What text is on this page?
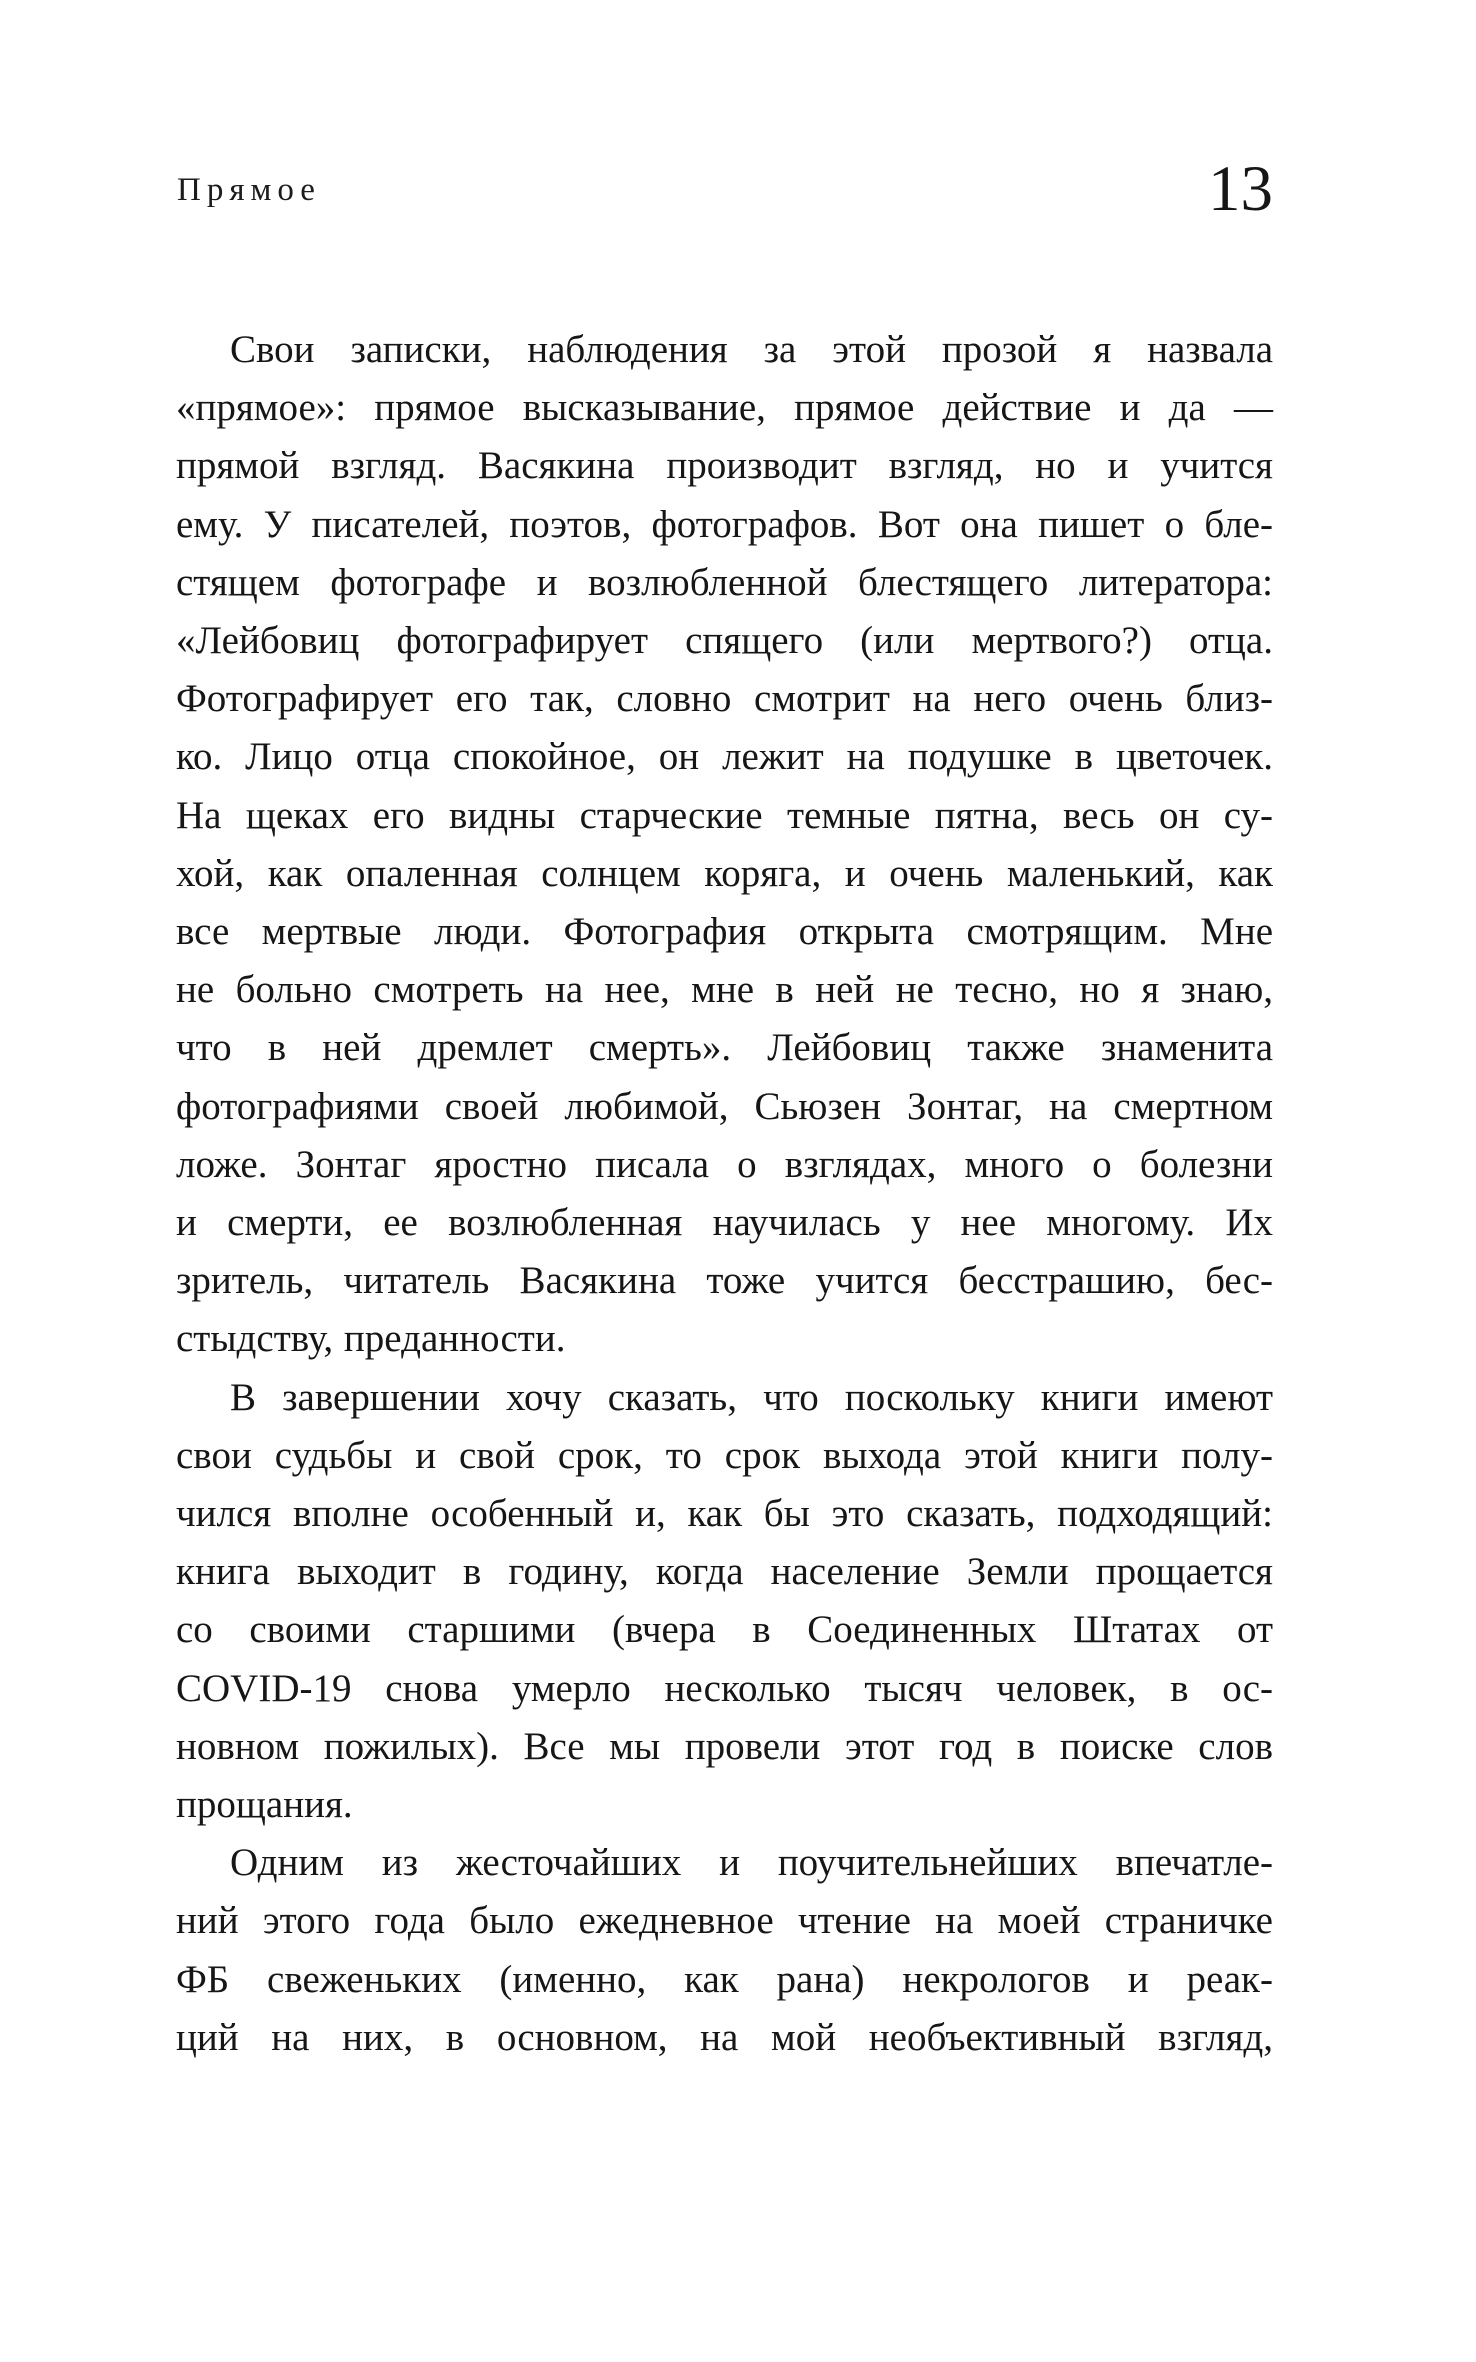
Прямое	13
Свои записки, наблюдения за этой прозой я назвала
«прямое»: прямое высказывание, прямое действие и да —
прямой взгляд. Васякина производит взгляд, но и учится
ему. У писателей, поэтов, фотографов. Вот она пишет о бле-
стящем фотографе и возлюбленной блестящего литератора:
«Лейбовиц фотографирует спящего (или мертвого?) отца.
Фотографирует его так, словно смотрит на него очень близ-
ко. Лицо отца спокойное, он лежит на подушке в цветочек.
На щеках его видны старческие темные пятна, весь он су-
хой, как опаленная солнцем коряга, и очень маленький, как
все мертвые люди. Фотография открыта смотрящим. Мне
не больно смотреть на нее, мне в ней не тесно, но я знаю,
что в ней дремлет смерть». Лейбовиц также знаменита
фотографиями своей любимой, Сьюзен Зонтаг, на смертном
ложе. Зонтаг яростно писала о взглядах, много о болезни
и смерти, ее возлюбленная научилась у нее многому. Их
зритель, читатель Васякина тоже учится бесстрашию, бес-
стыдству, преданности.
В завершении хочу сказать, что поскольку книги имеют
свои судьбы и свой срок, то срок выхода этой книги полу-
чился вполне особенный и, как бы это сказать, подходящий:
книга выходит в годину, когда население Земли прощается
со своими старшими (вчера в Соединенных Штатах от
COVID-19 снова умерло несколько тысяч человек, в ос-
новном пожилых). Все мы провели этот год в поиске слов
прощания.
Одним из жесточайших и поучительнейших впечатле-
ний этого года было ежедневное чтение на моей страничке
ФБ свеженьких (именно, как рана) некрологов и реак-
ций на них, в основном, на мой необъективный взгляд,
